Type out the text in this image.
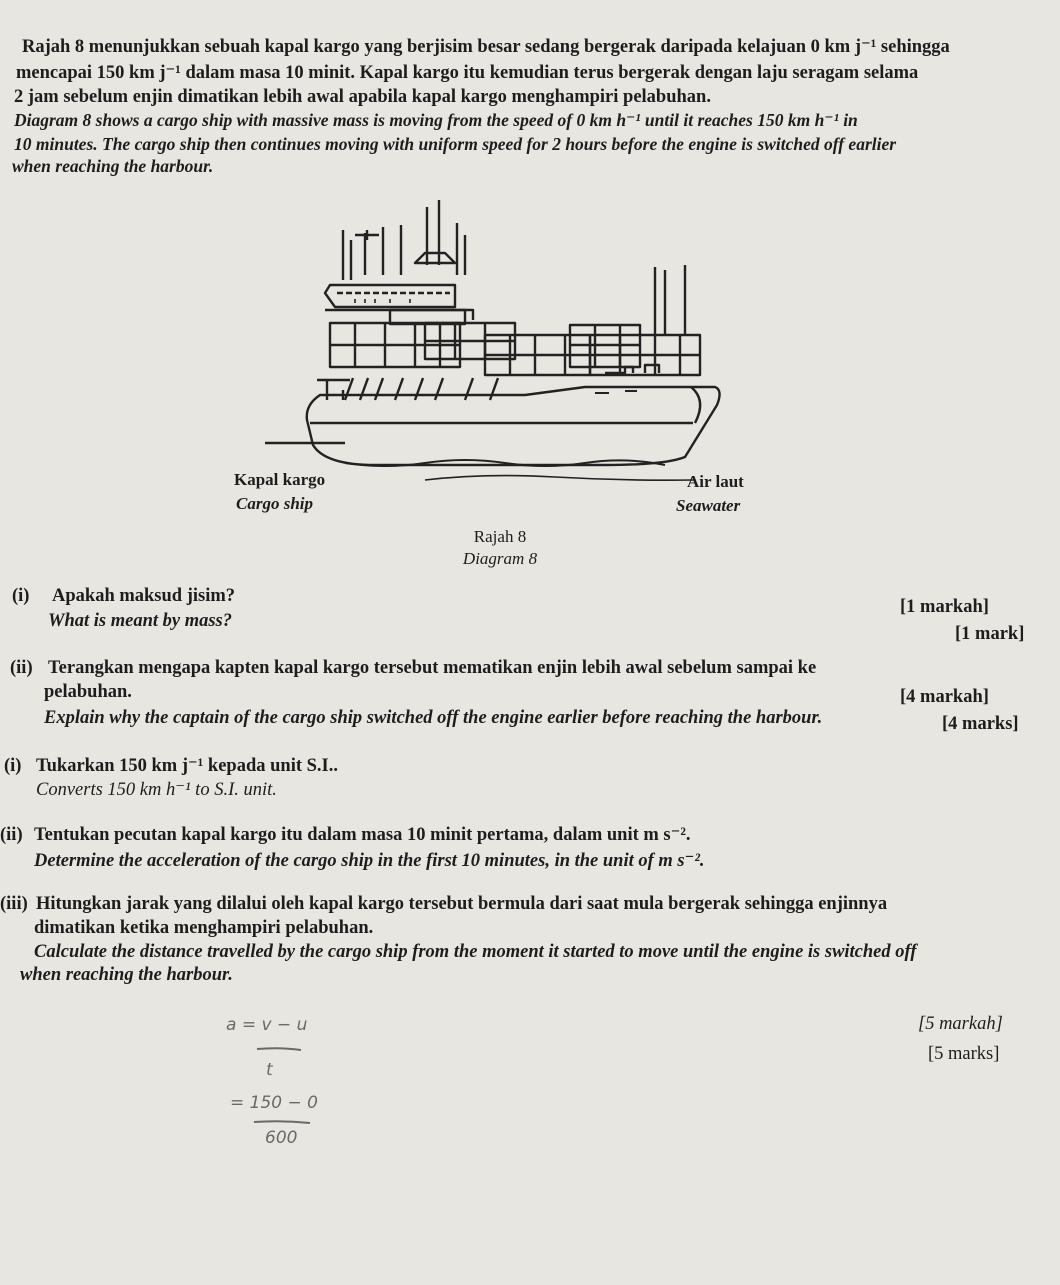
Rajah 8 menunjukkan sebuah kapal kargo yang berjisim besar sedang bergerak daripada kelajuan 0 km j⁻¹ sehingga
mencapai 150 km j⁻¹ dalam masa 10 minit. Kapal kargo itu kemudian terus bergerak dengan laju seragam selama
2 jam sebelum enjin dimatikan lebih awal apabila kapal kargo menghampiri pelabuhan.
Diagram 8 shows a cargo ship with massive mass is moving from the speed of 0 km h⁻¹ until it reaches 150 km h⁻¹ in
10 minutes. The cargo ship then continues moving with uniform speed for 2 hours before the engine is switched off earlier
when reaching the harbour.
Kapal kargo
Cargo ship
Air laut
Seawater
Rajah 8
Diagram 8
(i) Apakah maksud jisim?
What is meant by mass?
[1 markah]
[1 mark]
(ii) Terangkan mengapa kapten kapal kargo tersebut mematikan enjin lebih awal sebelum sampai ke
pelabuhan.	[4 markah]
Explain why the captain of the cargo ship switched off the engine earlier before reaching the harbour.	[4 marks]
(i) Tukarkan 150 km j⁻¹ kepada unit S.I..
Converts 150 km h⁻¹ to S.I. unit.
(ii) Tentukan pecutan kapal kargo itu dalam masa 10 minit pertama, dalam unit m s⁻².
Determine the acceleration of the cargo ship in the first 10 minutes, in the unit of m s⁻².
(iii) Hitungkan jarak yang dilalui oleh kapal kargo tersebut bermula dari saat mula bergerak sehingga enjinnya
dimatikan ketika menghampiri pelabuhan.
Calculate the distance travelled by the cargo ship from the moment it started to move until the engine is switched off
when reaching the harbour.
[5 markah]
[5 marks]
a = v − u
t
= 150 − 0
600
